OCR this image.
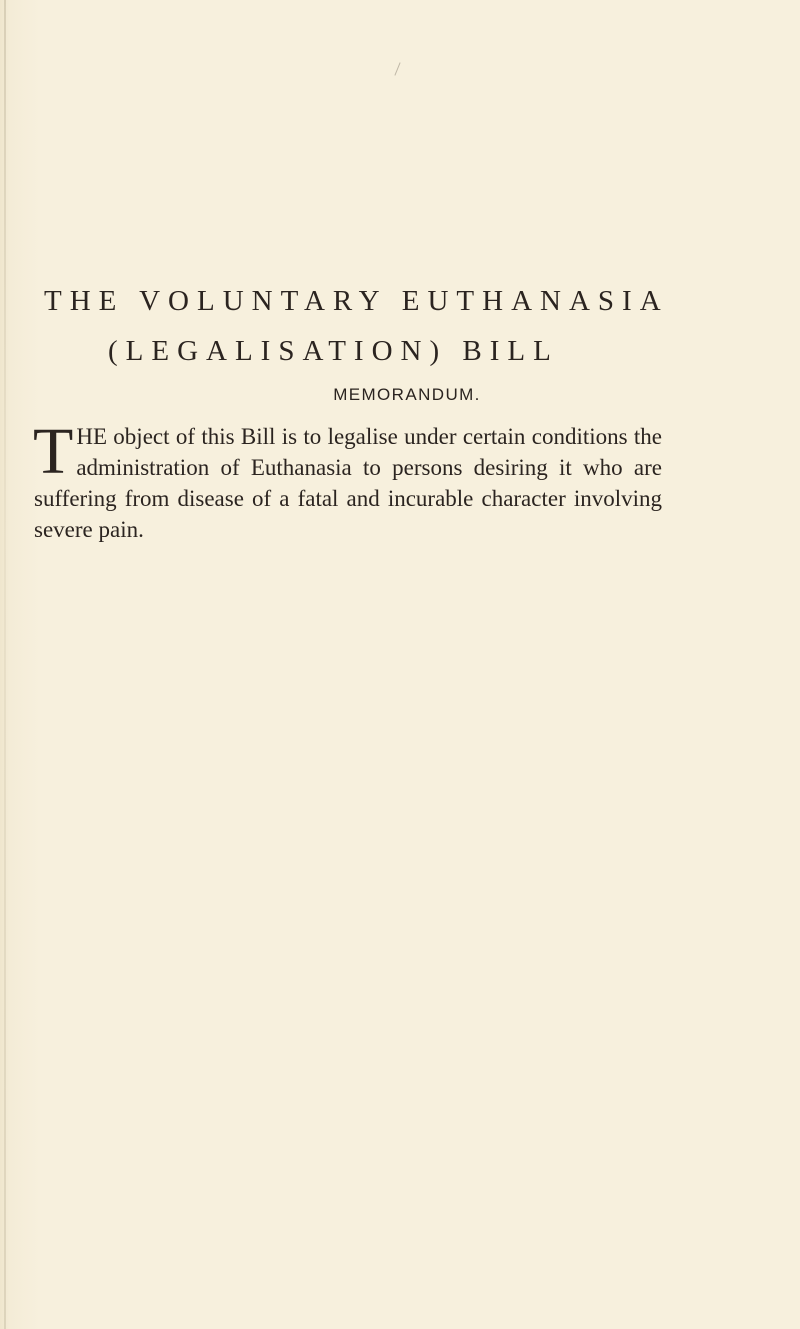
THE VOLUNTARY EUTHANASIA
(LEGALISATION) BILL
MEMORANDUM.

THE object of this Bill is to legalise under certain conditions the administration of Euthanasia to persons desiring it who are suffering from disease of a fatal and incurable character involving severe pain.
